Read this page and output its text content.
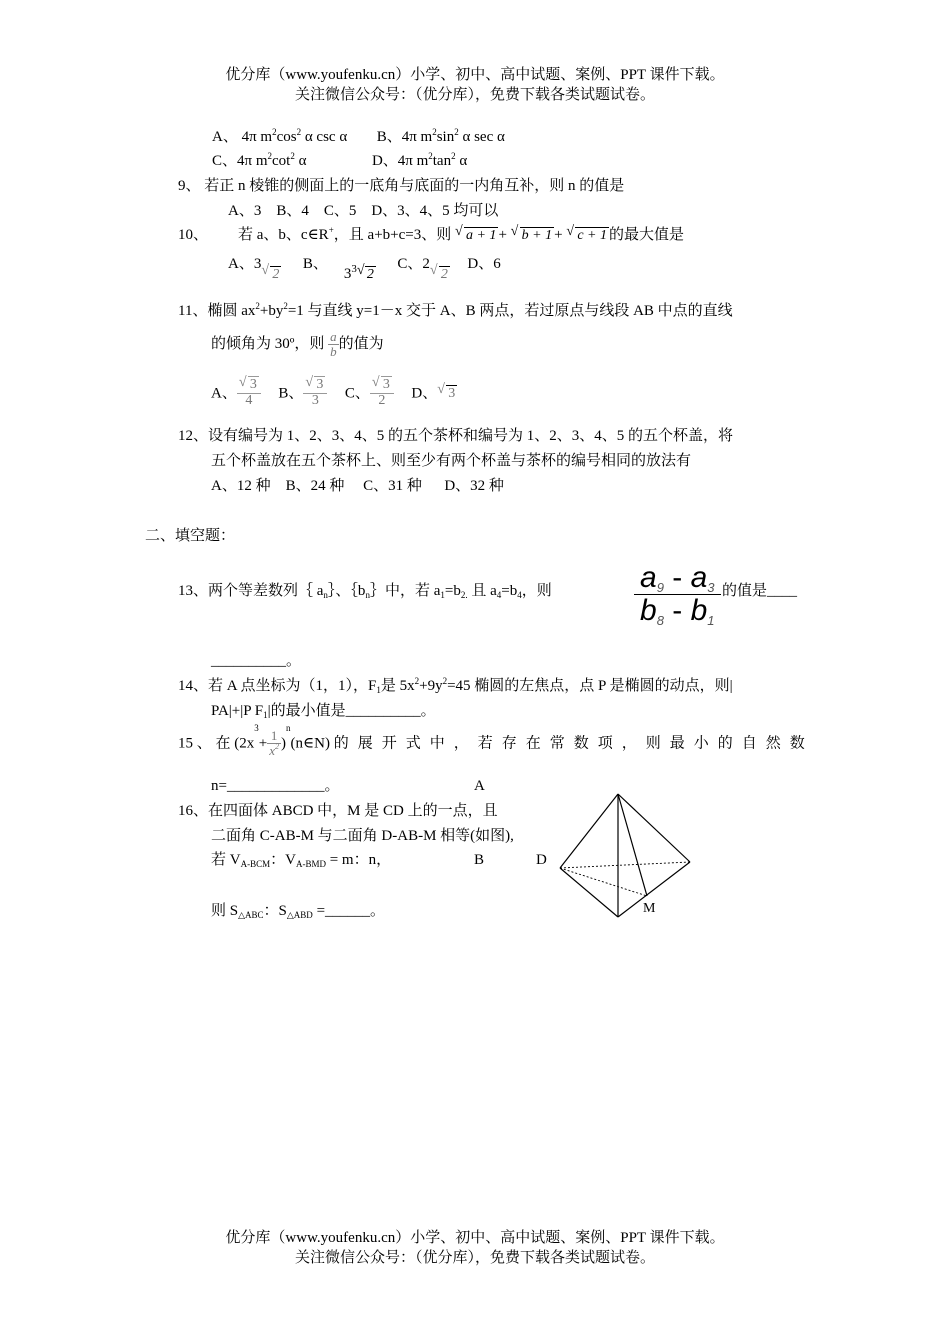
优分库（www.youfenku.cn）小学、初中、高中试题、案例、PPT 课件下载。
关注微信公众号：（优分库），免费下载各类试题试卷。
A、 4π $m^2\cos^2$ α csc α B、4π $m^2\sin^2$ α sec α
C、4π $m^2\cot^2$ α	D、4π $m^2\tan^2$ α
9、 若正 n 棱锥的侧面上的一底角与底面的一内角互补，则 n 的值是
A、3    B、4    C、5    D、3、4、5 均可以
10、 若 a、b、c∈R+，且 a+b+c=3、则 √ a + 1 + √ b + 1 + √ c + 1 的最大值是
A、3√ 2  B、$3^3√$ 2  C、2√ 2  D、6
11、椭圆 $ax^2+by^2=1$ 与直线 y=1－x 交于 A、B 两点，若过原点与线段 AB 中点的直线
的倾角为 30º，则 $\frac{a}{b}$ 的值为
A、
√ $\frac{3}{4}$ B、
√ $\frac{3}{3}$ C、
√ $\frac{3}{2}$ D、√ 3
12、设有编号为 1、2、3、4、5 的五个茶杯和编号为 1、2、3、4、5 的五个杯盖，将
五个杯盖放在五个茶杯上、则至少有两个杯盖与茶杯的编号相同的放法有
A、12 种    B、24 种     C、31 种      D、32 种
二、填空题：
13、两个等差数列｛ $a_n\}$、$\{b_n\}$中，若 $a_1=b_{2.}$ 且 $a_4=b_4$，则	$\frac{a_9 - a_3}{b_8 - b_1}$ 的值是____
__________。
14、若 A 点坐标为（1，1），$F_1$是 $5x^2+9y^2=45$ 椭圆的左焦点，点 P 是椭圆的动点，则|
PA|+|P $F_1|$的最小值是__________。
15 、 在 ($2x^3+ \frac{1}{x^2}$ )$^n(n\in N)$ 的展开式中，若存在常数项，则最小的自然数
n=_____________。
16、在四面体 ABCD 中，M 是 CD 上的一点，且
二面角 C-AB-M 与二面角 D-AB-M 相等(如图),
若 $V_{A-BCM}$：$V_{A-BMD} = m$：n，
则 $S_{\triangle ABC}$：$S_{\triangle ABD}$ =______。
A
B	D
M
优分库（www.youfenku.cn）小学、初中、高中试题、案例、PPT 课件下载。
关注微信公众号：（优分库），免费下载各类试题试卷。
